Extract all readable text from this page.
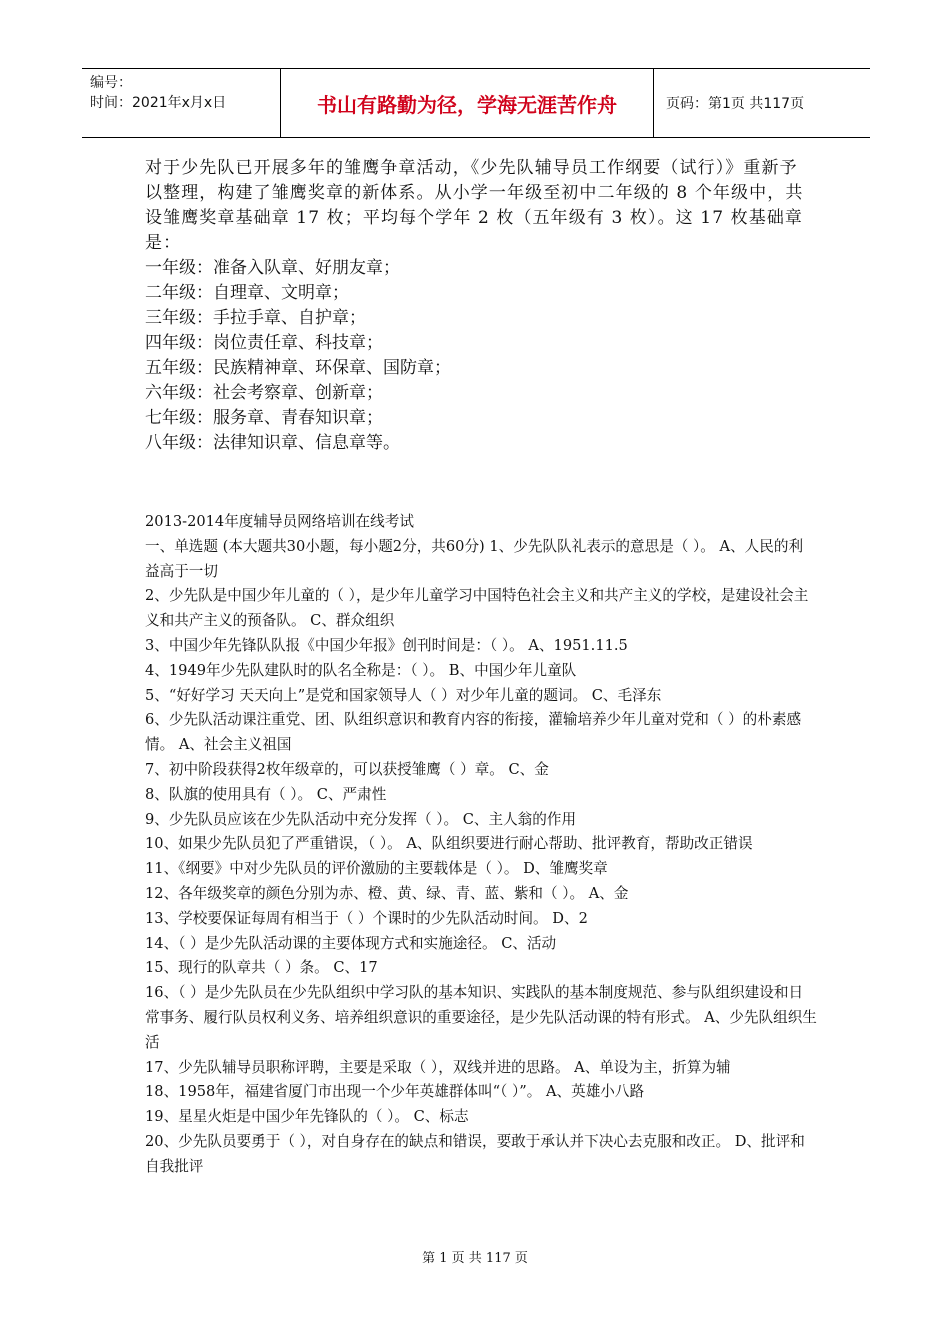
编号：
时间：2021年x月x日	书山有路勤为径，学海无涯苦作舟	页码：第1页 共117页

对于少先队已开展多年的雏鹰争章活动，《少先队辅导员工作纲要（试行）》重新予以整理，构建了雏鹰奖章的新体系。从小学一年级至初中二年级的 8 个年级中，共设雏鹰奖章基础章 17 枚；平均每个学年 2 枚（五年级有 3 枚）。这 17 枚基础章是：

一年级：准备入队章、好朋友章；

二年级：自理章、文明章；

三年级：手拉手章、自护章；

四年级：岗位责任章、科技章；

五年级：民族精神章、环保章、国防章；

六年级：社会考察章、创新章；

七年级：服务章、青春知识章；

八年级：法律知识章、信息章等。

2013-2014年度辅导员网络培训在线考试

一、单选题 (本大题共30小题，每小题2分，共60分) 1、少先队队礼表示的意思是（ ）。 A、人民的利益高于一切

2、少先队是中国少年儿童的（ ），是少年儿童学习中国特色社会主义和共产主义的学校，是建设社会主义和共产主义的预备队。 C、群众组织

3、中国少年先锋队队报《中国少年报》创刊时间是：（ ）。 A、1951.11.5

4、1949年少先队建队时的队名全称是：（ ）。 B、中国少年儿童队

5、“好好学习 天天向上”是党和国家领导人（ ）对少年儿童的题词。 C、毛泽东

6、少先队活动课注重党、团、队组织意识和教育内容的衔接，灌输培养少年儿童对党和（ ）的朴素感情。 A、社会主义祖国

7、初中阶段获得2枚年级章的，可以获授雏鹰（ ）章。 C、金

8、队旗的使用具有（ ）。 C、严肃性

9、少先队员应该在少先队活动中充分发挥（ ）。 C、主人翁的作用

10、如果少先队员犯了严重错误，（ ）。 A、队组织要进行耐心帮助、批评教育，帮助改正错误

11、《纲要》中对少先队员的评价激励的主要载体是（ ）。 D、雏鹰奖章

12、各年级奖章的颜色分别为赤、橙、黄、绿、青、蓝、紫和（ ）。 A、金

13、学校要保证每周有相当于（ ）个课时的少先队活动时间。 D、2

14、（ ）是少先队活动课的主要体现方式和实施途径。 C、活动

15、现行的队章共（ ）条。 C、17

16、（ ）是少先队员在少先队组织中学习队的基本知识、实践队的基本制度规范、参与队组织建设和日常事务、履行队员权利义务、培养组织意识的重要途径，是少先队活动课的特有形式。 A、少先队组织生活

17、少先队辅导员职称评聘，主要是采取（ ），双线并进的思路。 A、单设为主，折算为辅

18、1958年，福建省厦门市出现一个少年英雄群体叫“（ ）”。 A、英雄小八路

19、星星火炬是中国少年先锋队的（ ）。 C、标志

20、少先队员要勇于（ ），对自身存在的缺点和错误，要敢于承认并下决心去克服和改正。 D、批评和自我批评

第 1 页 共 117 页
